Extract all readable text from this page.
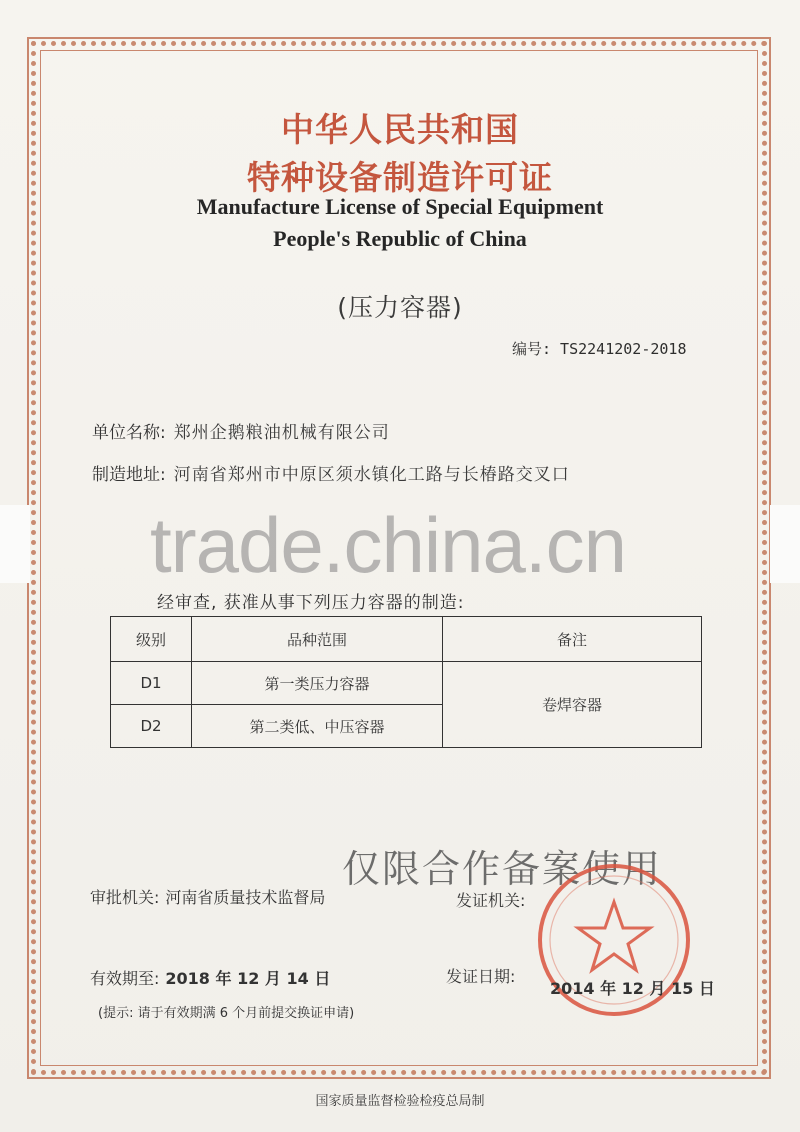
中华人民共和国
特种设备制造许可证
Manufacture License of Special Equipment
People's Republic of China
(压力容器)
编号: TS2241202-2018
单位名称: 郑州企鹅粮油机械有限公司
制造地址: 河南省郑州市中原区须水镇化工路与长椿路交叉口
trade.china.cn
经审查, 获准从事下列压力容器的制造:
级别	品种范围	备注
D1	第一类压力容器	卷焊容器
D2	第二类低、中压容器	
仅限合作备案使用
审批机关: 河南省质量技术监督局	发证机关:
有效期至: 2018 年 12 月 14 日	发证日期:
2014 年 12 月 15 日
(提示: 请于有效期满 6 个月前提交换证申请)
国家质量监督检验检疫总局制
